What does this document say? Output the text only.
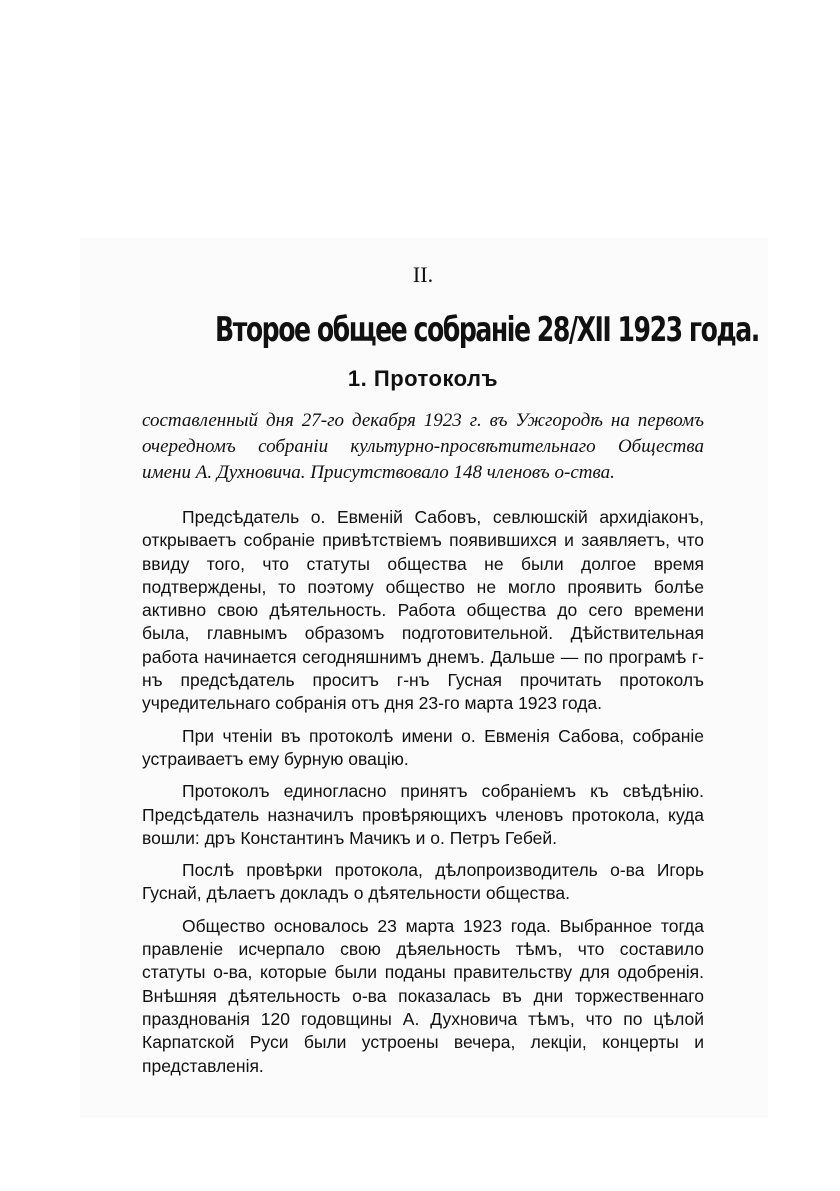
II.
Второе общее собранiе 28/XII 1923 года.
1. Протоколъ

составленный дня 27-го декабря 1923 г. въ Ужгородѣ на первомъ очередномъ собранiи культурно-просвѣтительнаго Общества имени А. Духновича. Присутствовало 148 членовъ о-ства.

Предсѣдатель о. Евменiй Сабовъ, севлюшскiй архидiаконъ, открываетъ собранiе привѣтствiемъ появившихся и заявляетъ, что ввиду того, что статуты общества не были долгое время подтверждены, то поэтому общество не могло проявить болѣе активно свою дѣятельность. Работа общества до сего времени была, главнымъ образомъ подготовительной. Дѣйствительная работа начинается сегодняшнимъ днемъ. Дальше — по програмѣ г-нъ предсѣдатель проситъ г-нъ Гусная прочитать протоколъ учредительнаго собранiя отъ дня 23-го марта 1923 года.

При чтенiи въ протоколѣ имени о. Евменiя Сабова, собранiе устраиваетъ ему бурную овацiю.

Протоколъ единогласно принятъ собранiемъ къ свѣдѣнiю. Предсѣдатель назначилъ провѣряющихъ членовъ протокола, куда вошли: дръ Константинъ Мачикъ и о. Петръ Гебей.

Послѣ провѣрки протокола, дѣлопроизводитель о-ва Игорь Гуснай, дѣлаетъ докладъ о дѣятельности общества.

Общество основалось 23 марта 1923 года. Выбранное тогда правленiе исчерпало свою дѣяельность тѣмъ, что составило статуты о-ва, которые были поданы правительству для одобренiя. Внѣшняя дѣятельность о-ва показалась въ дни торжественнаго празднованiя 120 годовщины А. Духновича тѣмъ, что по цѣлой Карпатской Руси были устроены вечера, лекцiи, концерты и представленiя.
